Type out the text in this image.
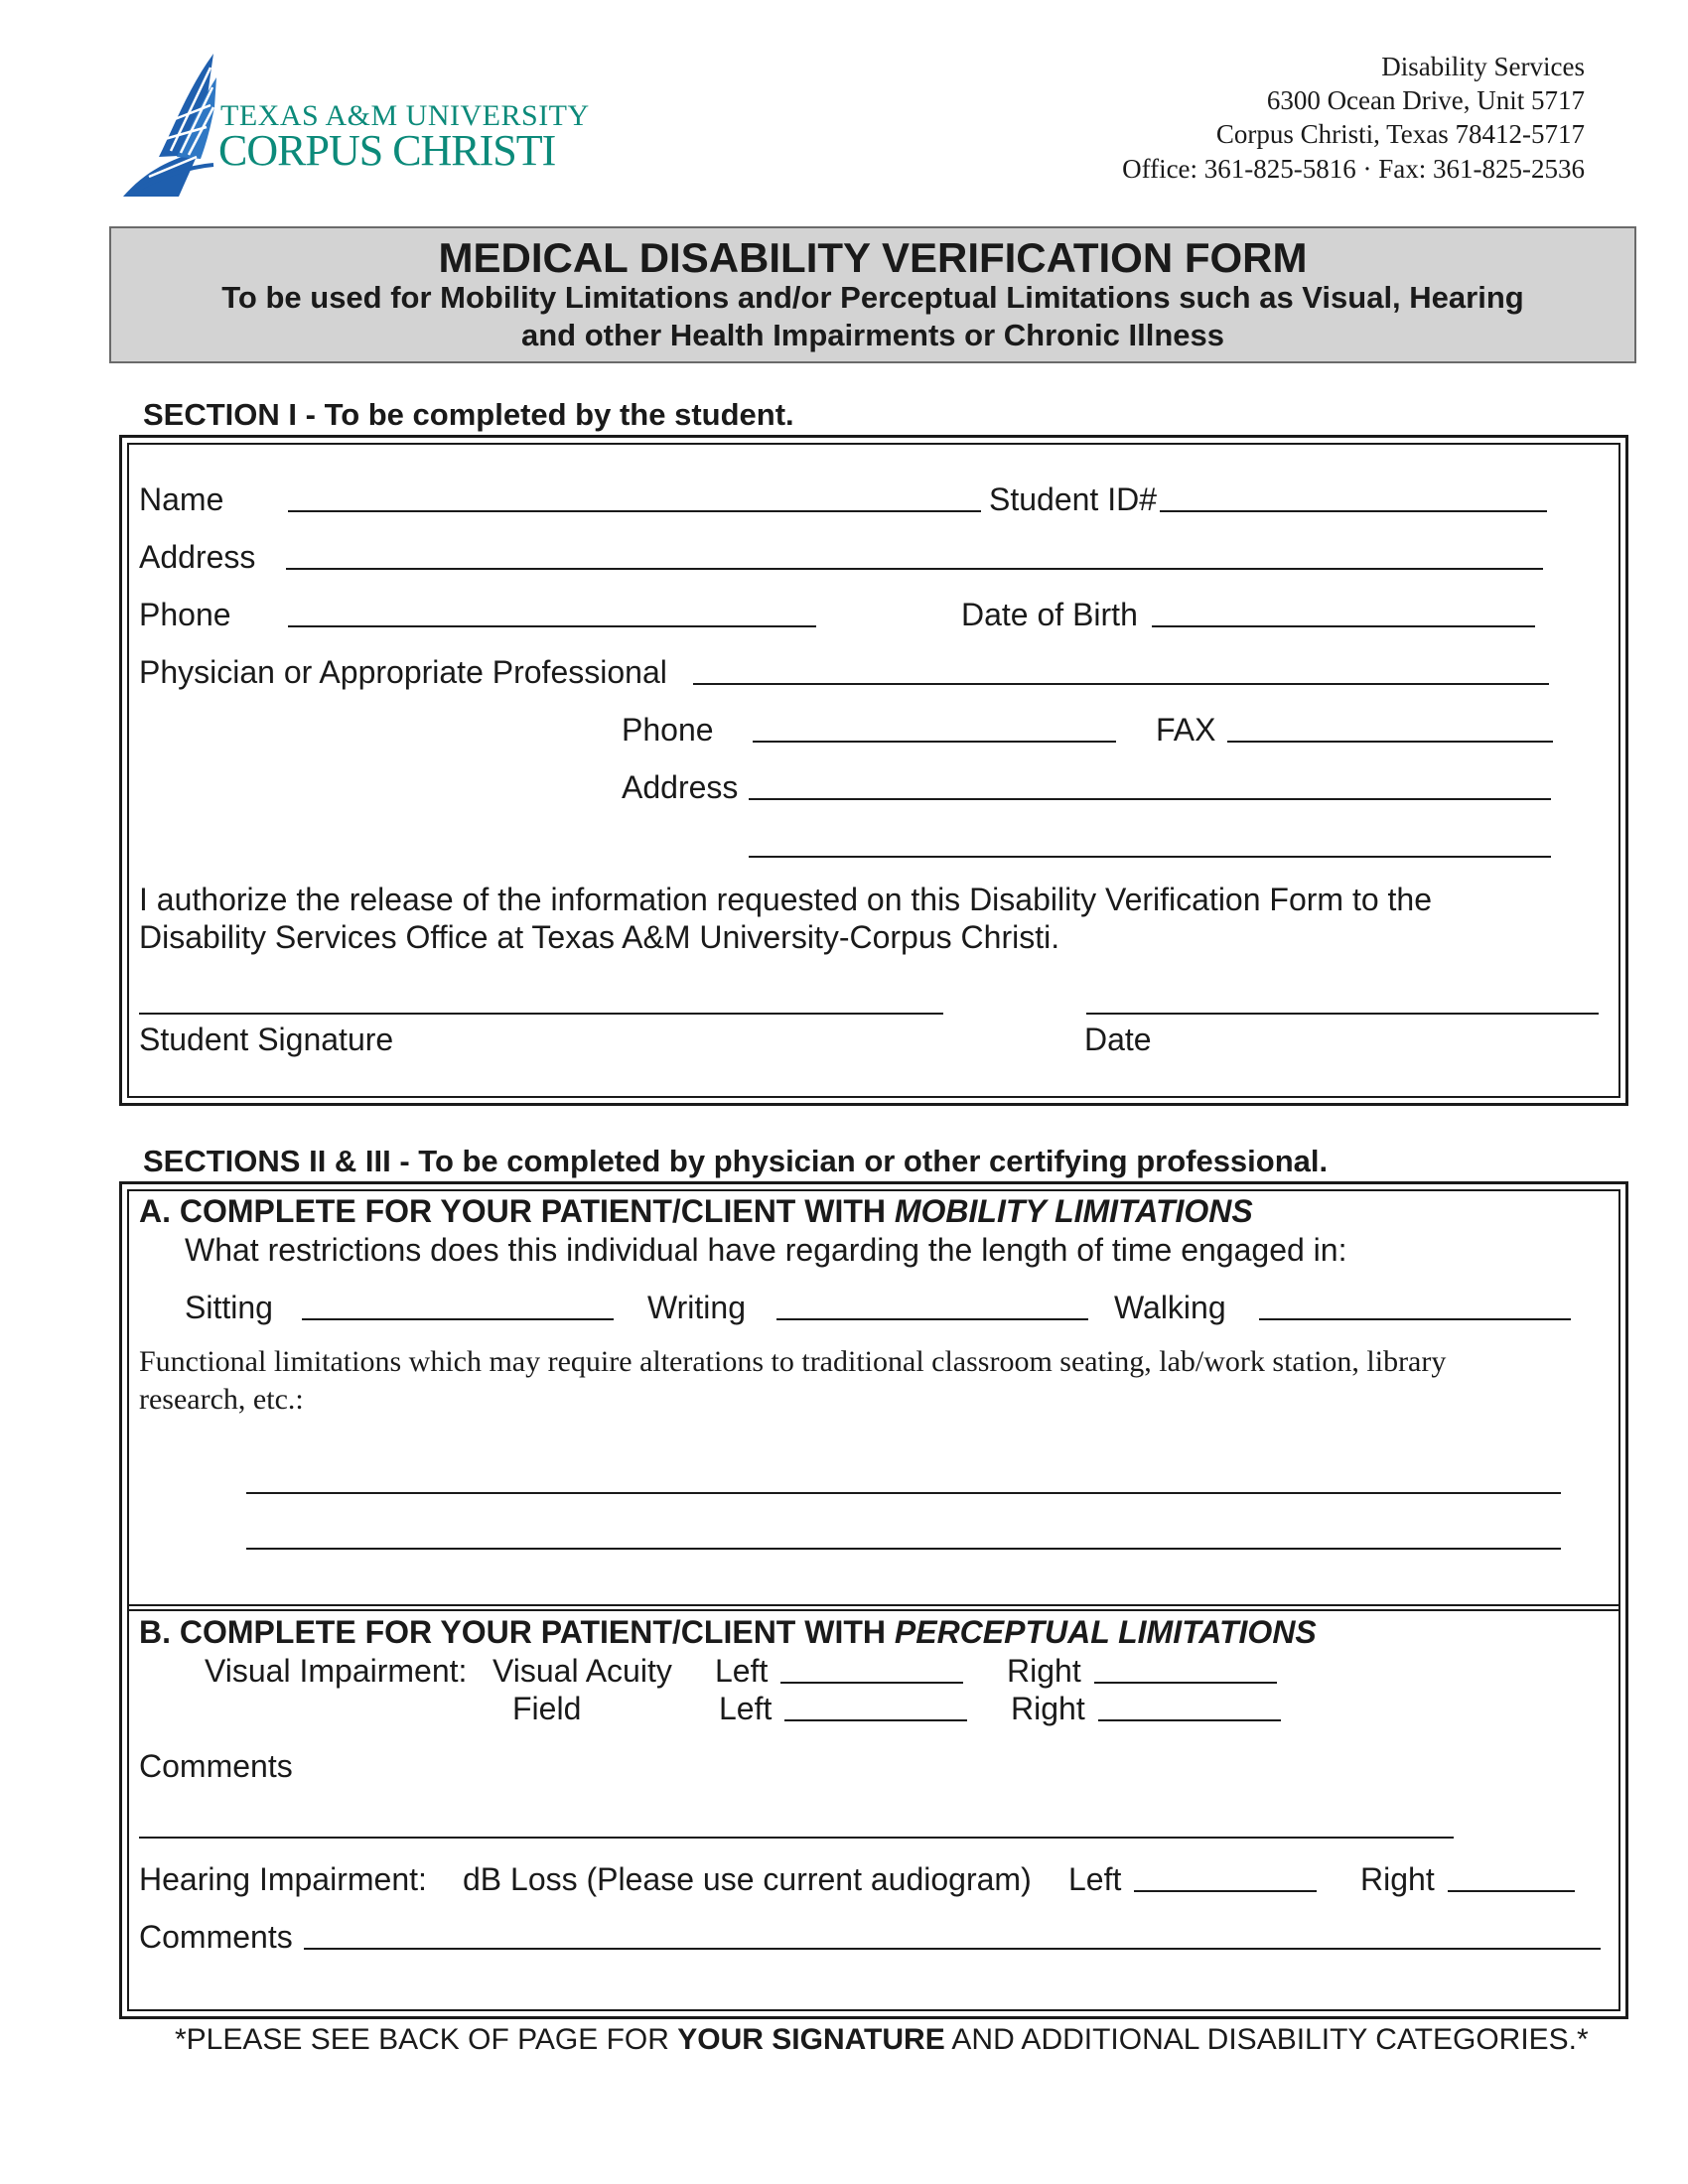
TEXAS A&M UNIVERSITY
CORPUS CHRISTI
Disability Services
6300 Ocean Drive, Unit 5717
Corpus Christi, Texas 78412-5717
Office: 361-825-5816 · Fax: 361-825-2536
MEDICAL DISABILITY VERIFICATION FORM
To be used for Mobility Limitations and/or Perceptual Limitations such as Visual, Hearing
and other Health Impairments or Chronic Illness
SECTION I - To be completed by the student.
Name	Student ID#
Address
Phone	Date of Birth
Physician or Appropriate Professional
Phone	FAX
Address
I authorize the release of the information requested on this Disability Verification Form to the
Disability Services Office at Texas A&M University-Corpus Christi.
Student Signature	Date
SECTIONS II & III - To be completed by physician or other certifying professional.
A. COMPLETE FOR YOUR PATIENT/CLIENT WITH MOBILITY LIMITATIONS
What restrictions does this individual have regarding the length of time engaged in:
Sitting	Writing	Walking
Functional limitations which may require alterations to traditional classroom seating, lab/work station, library
research, etc.:
B. COMPLETE FOR YOUR PATIENT/CLIENT WITH PERCEPTUAL LIMITATIONS
Visual Impairment: Visual Acuity Left	Right
Field	Left	Right
Comments
Hearing Impairment: dB Loss (Please use current audiogram) Left	Right
Comments
*PLEASE SEE BACK OF PAGE FOR YOUR SIGNATURE AND ADDITIONAL DISABILITY CATEGORIES.*
